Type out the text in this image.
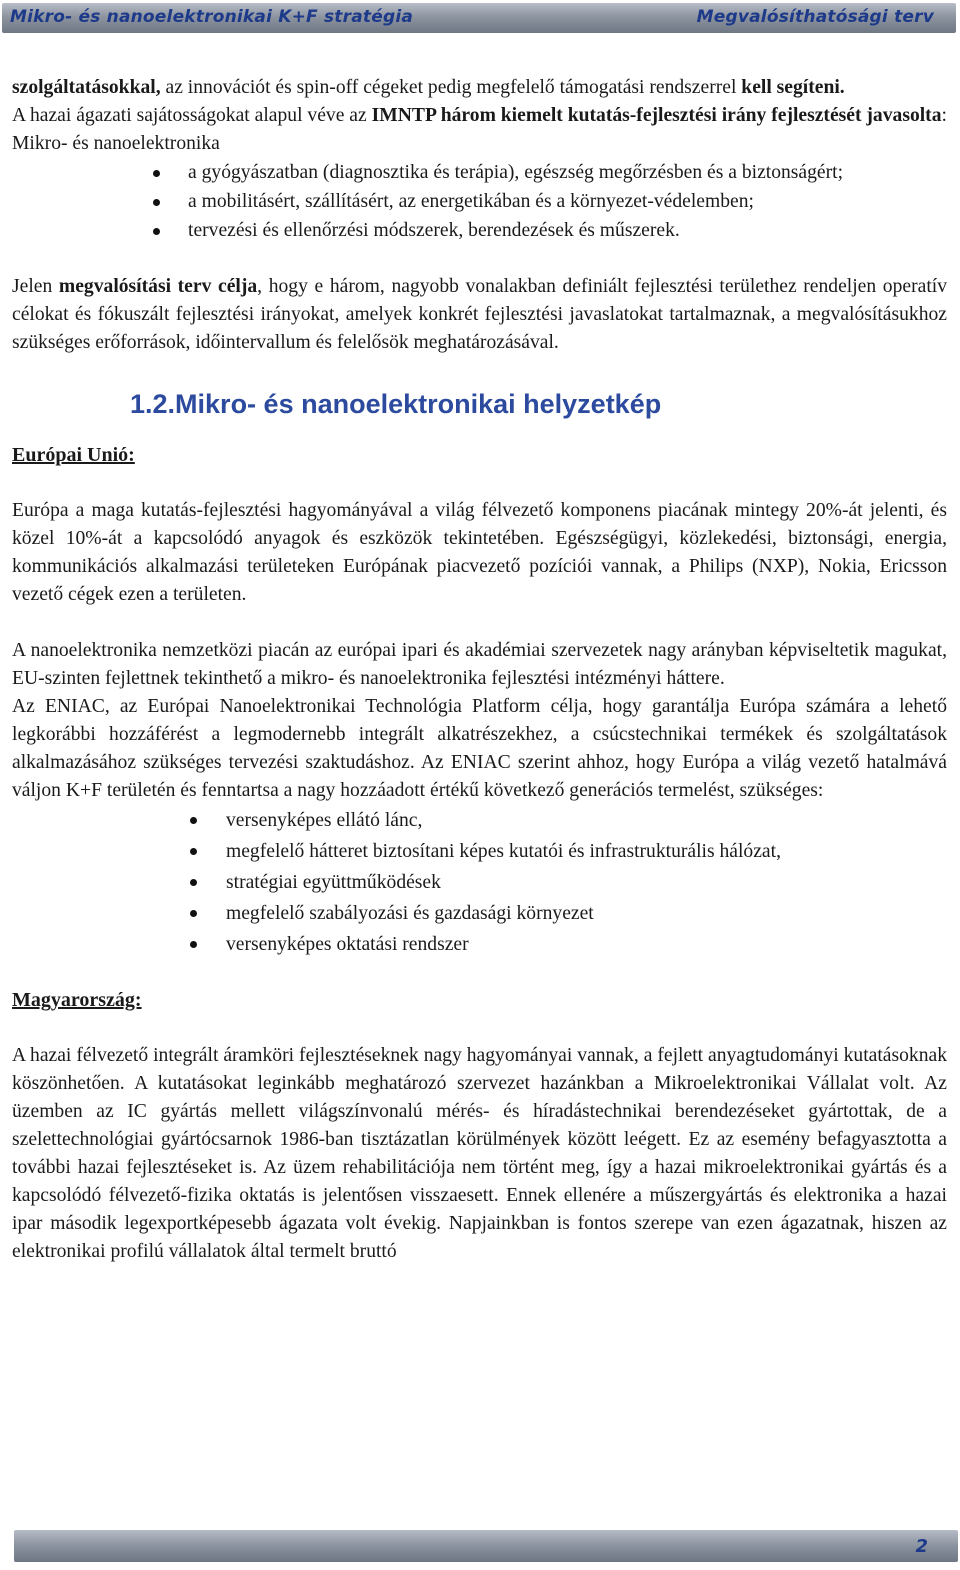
Mikro- és nanoelektronikai K+F stratégia	Megvalósíthatósági terv

szolgáltatásokkal, az innovációt és spin-off cégeket pedig megfelelő támogatási rendszerrel kell segíteni.

A hazai ágazati sajátosságokat alapul véve az IMNTP három kiemelt kutatás-fejlesztési irány fejlesztését javasolta:

Mikro- és nanoelektronika

a gyógyászatban (diagnosztika és terápia), egészség megőrzésben és a biztonságért;
a mobilitásért, szállításért, az energetikában és a környezet-védelemben;
tervezési és ellenőrzési módszerek, berendezések és műszerek.

Jelen megvalósítási terv célja, hogy e három, nagyobb vonalakban definiált fejlesztési területhez rendeljen operatív célokat és fókuszált fejlesztési irányokat, amelyek konkrét fejlesztési javaslatokat tartalmaznak, a megvalósításukhoz szükséges erőforrások, időintervallum és felelősök meghatározásával.

1.2.Mikro- és nanoelektronikai helyzetkép

Európai Unió:

Európa a maga kutatás-fejlesztési hagyományával a világ félvezető komponens piacának mintegy 20%-át jelenti, és közel 10%-át a kapcsolódó anyagok és eszközök tekintetében. Egészségügyi, közlekedési, biztonsági, energia, kommunikációs alkalmazási területeken Európának piacvezető pozíciói vannak, a Philips (NXP), Nokia, Ericsson vezető cégek ezen a területen.

A nanoelektronika nemzetközi piacán az európai ipari és akadémiai szervezetek nagy arányban képviseltetik magukat, EU-szinten fejlettnek tekinthető a mikro- és nanoelektronika fejlesztési intézményi háttere.

Az ENIAC, az Európai Nanoelektronikai Technológia Platform célja, hogy garantálja Európa számára a lehető legkorábbi hozzáférést a legmodernebb integrált alkatrészekhez, a csúcstechnikai termékek és szolgáltatások alkalmazásához szükséges tervezési szaktudáshoz. Az ENIAC szerint ahhoz, hogy Európa a világ vezető hatalmává váljon K+F területén és fenntartsa a nagy hozzáadott értékű következő generációs termelést, szükséges:

versenyképes ellátó lánc,
megfelelő hátteret biztosítani képes kutatói és infrastrukturális hálózat,
stratégiai együttműködések
megfelelő szabályozási és gazdasági környezet
versenyképes oktatási rendszer

Magyarország:

A hazai félvezető integrált áramköri fejlesztéseknek nagy hagyományai vannak, a fejlett anyagtudományi kutatásoknak köszönhetően. A kutatásokat leginkább meghatározó szervezet hazánkban a Mikroelektronikai Vállalat volt. Az üzemben az IC gyártás mellett világszínvonalú mérés- és híradástechnikai berendezéseket gyártottak, de a szelettechnológiai gyártócsarnok 1986-ban tisztázatlan körülmények között leégett. Ez az esemény befagyasztotta a további hazai fejlesztéseket is. Az üzem rehabilitációja nem történt meg, így a hazai mikroelektronikai gyártás és a kapcsolódó félvezető-fizika oktatás is jelentősen visszaesett. Ennek ellenére a műszergyártás és elektronika a hazai ipar második legexportképesebb ágazata volt évekig. Napjainkban is fontos szerepe van ezen ágazatnak, hiszen az elektronikai profilú vállalatok által termelt bruttó

2
